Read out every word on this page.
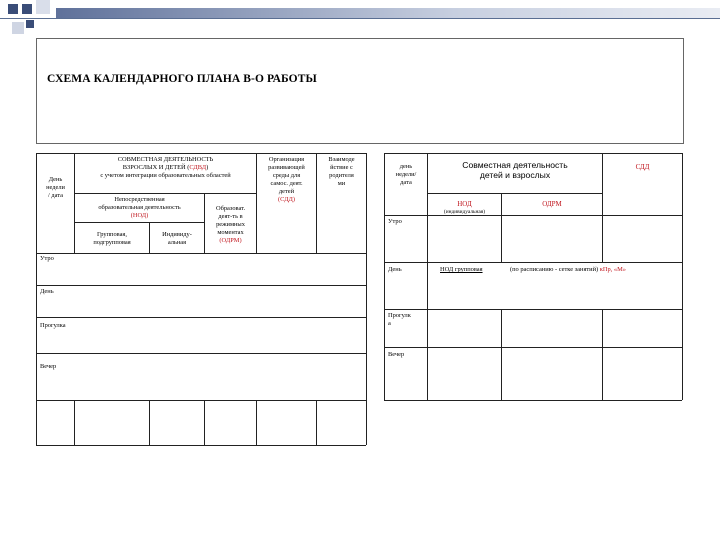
СХЕМА КАЛЕНДАРНОГО ПЛАНА В-О РАБОТЫ
День
недели
/ дата
СОВМЕСТНАЯ ДЕЯТЕЛЬНОСТЬ
ВЗРОСЛЫХ И ДЕТЕЙ (СДВД)
с учетом интеграции образовательных областей
Непосредственная
образовательная деятельность
(НОД)
Групповая,
подгрупповая
Индивиду-
альная
Образоват.
деят-ть в
режимных
моментах
(ОДРМ)
Организация
развивающей
среды для
самос. деят.
детей
(СДД)
Взаимоде
йствие с
родителя
ми
Утро
День
Прогулка
Вечер
день
недели/
дата
Совместная деятельность
детей и взрослых
СДД
НОД
(индивидуальная)
ОДРМ
Утро
День
Прогулк
а
Вечер
НОД групповая	(по расписанию - сетке занятий) кПр, «М»
